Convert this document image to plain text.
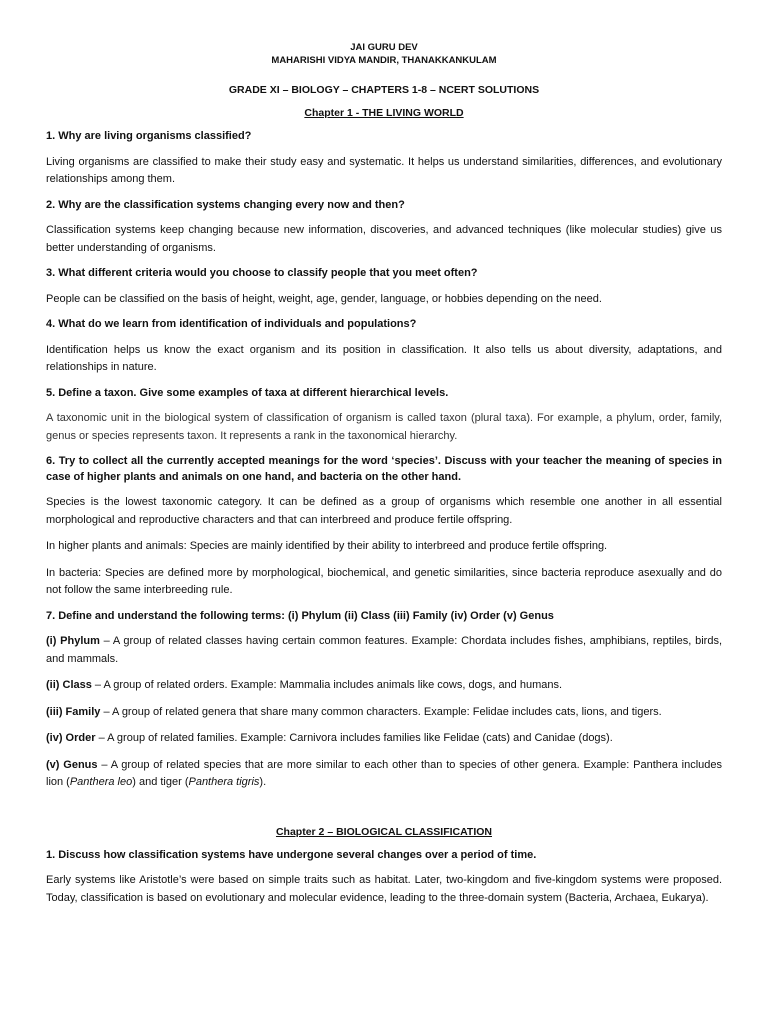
JAI GURU DEV
MAHARISHI VIDYA MANDIR, THANAKKANKULAM
GRADE XI – BIOLOGY – CHAPTERS 1-8 – NCERT SOLUTIONS
Chapter 1 - THE LIVING WORLD

1. Why are living organisms classified?

Living organisms are classified to make their study easy and systematic. It helps us understand similarities, differences, and evolutionary relationships among them.

2. Why are the classification systems changing every now and then?

Classification systems keep changing because new information, discoveries, and advanced techniques (like molecular studies) give us better understanding of organisms.

3. What different criteria would you choose to classify people that you meet often?

People can be classified on the basis of height, weight, age, gender, language, or hobbies depending on the need.

4. What do we learn from identification of individuals and populations?

Identification helps us know the exact organism and its position in classification. It also tells us about diversity, adaptations, and relationships in nature.

5. Define a taxon. Give some examples of taxa at different hierarchical levels.

A taxonomic unit in the biological system of classification of organism is called taxon (plural taxa). For example, a phylum, order, family, genus or species represents taxon. It represents a rank in the taxonomical hierarchy.

6. Try to collect all the currently accepted meanings for the word ‘species’. Discuss with your teacher the meaning of species in case of higher plants and animals on one hand, and bacteria on the other hand.

Species is the lowest taxonomic category. It can be defined as a group of organisms which resemble one another in all essential morphological and reproductive characters and that can interbreed and produce fertile offspring.

In higher plants and animals: Species are mainly identified by their ability to interbreed and produce fertile offspring.

In bacteria: Species are defined more by morphological, biochemical, and genetic similarities, since bacteria reproduce asexually and do not follow the same interbreeding rule.

7. Define and understand the following terms: (i) Phylum (ii) Class (iii) Family (iv) Order (v) Genus

(i) Phylum – A group of related classes having certain common features. Example: Chordata includes fishes, amphibians, reptiles, birds, and mammals.

(ii) Class – A group of related orders. Example: Mammalia includes animals like cows, dogs, and humans.

(iii) Family – A group of related genera that share many common characters. Example: Felidae includes cats, lions, and tigers.

(iv) Order – A group of related families. Example: Carnivora includes families like Felidae (cats) and Canidae (dogs).

(v) Genus – A group of related species that are more similar to each other than to species of other genera. Example: Panthera includes lion (Panthera leo) and tiger (Panthera tigris).

Chapter 2 – BIOLOGICAL CLASSIFICATION

1. Discuss how classification systems have undergone several changes over a period of time.

Early systems like Aristotle’s were based on simple traits such as habitat. Later, two-kingdom and five-kingdom systems were proposed. Today, classification is based on evolutionary and molecular evidence, leading to the three-domain system (Bacteria, Archaea, Eukarya).
